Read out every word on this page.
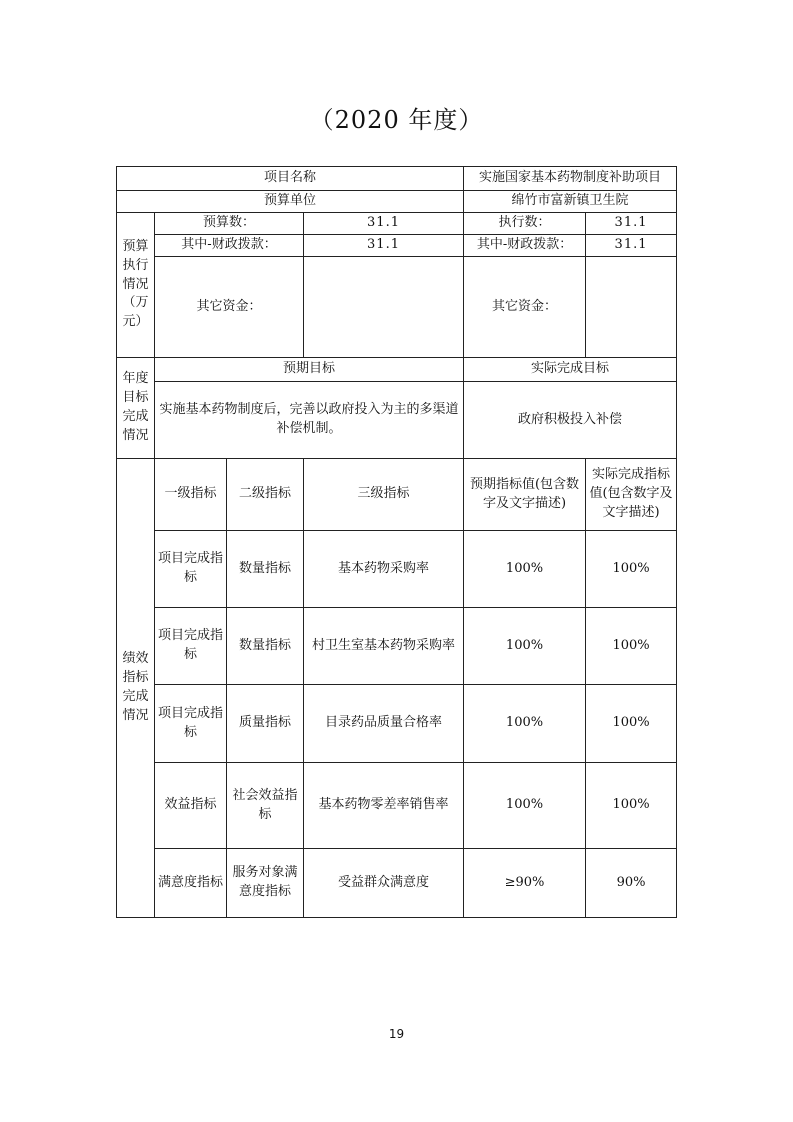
（2020 年度）
项目名称				实施国家基本药物制度补助项目	
预算单位				绵竹市富新镇卫生院	
预算执行情况（万元）	预算数：		31.1	执行数：	31.1
	其中-财政拨款：		31.1	其中-财政拨款：	31.1
	其它资金：			其它资金：	
年度目标完成情况	预期目标			实际完成目标	
	实施基本药物制度后，完善以政府投入为主的多渠道补偿机制。			政府积极投入补偿	
绩效指标完成情况	一级指标	二级指标	三级指标	预期指标值(包含数字及文字描述)	实际完成指标值(包含数字及文字描述)
	项目完成指标	数量指标	基本药物采购率	100%	100%
	项目完成指标	数量指标	村卫生室基本药物采购率	100%	100%
	项目完成指标	质量指标	目录药品质量合格率	100%	100%
	效益指标	社会效益指标	基本药物零差率销售率	100%	100%
	满意度指标	服务对象满意度指标	受益群众满意度	≥90%	90%
19
